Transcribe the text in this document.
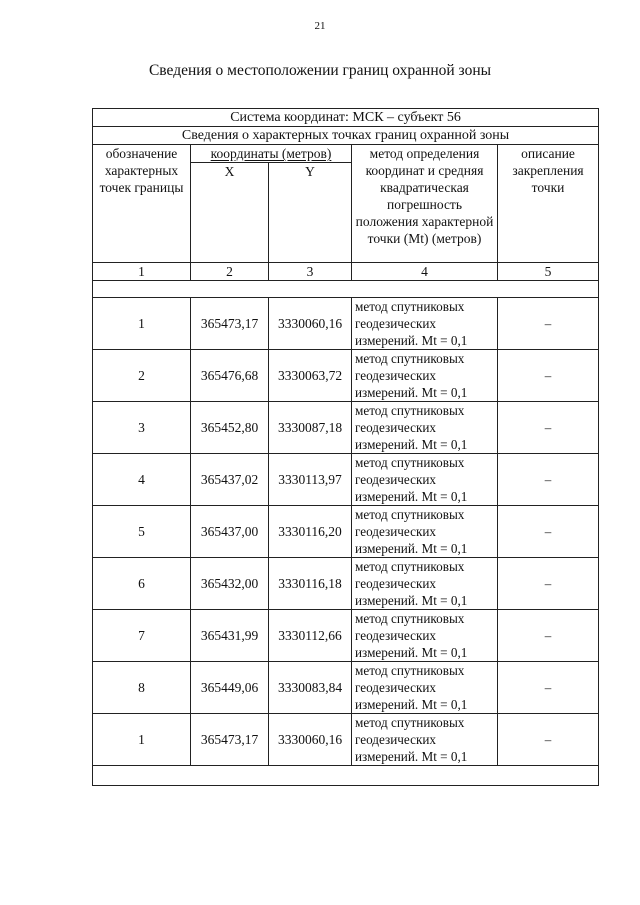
21
Сведения о местоположении границ охранной зоны
Система координат: МСК – субъект 56				
Сведения о характерных точках границ охранной зоны				
обозначение характерных точек границы	координаты (метров)		метод определения координат и средняя квадратическая погрешность положения характерной точки (Mt) (метров)	описание закрепления точки
	X	Y		
1	2	3	4	5

1	365473,17	3330060,16	метод спутниковых
геодезических
измерений. Mt = 0,1	–
2	365476,68	3330063,72	метод спутниковых
геодезических
измерений. Mt = 0,1	–
3	365452,80	3330087,18	метод спутниковых
геодезических
измерений. Mt = 0,1	–
4	365437,02	3330113,97	метод спутниковых
геодезических
измерений. Mt = 0,1	–
5	365437,00	3330116,20	метод спутниковых
геодезических
измерений. Mt = 0,1	–
6	365432,00	3330116,18	метод спутниковых
геодезических
измерений. Mt = 0,1	–
7	365431,99	3330112,66	метод спутниковых
геодезических
измерений. Mt = 0,1	–
8	365449,06	3330083,84	метод спутниковых
геодезических
измерений. Mt = 0,1	–
1	365473,17	3330060,16	метод спутниковых
геодезических
измерений. Mt = 0,1	–
